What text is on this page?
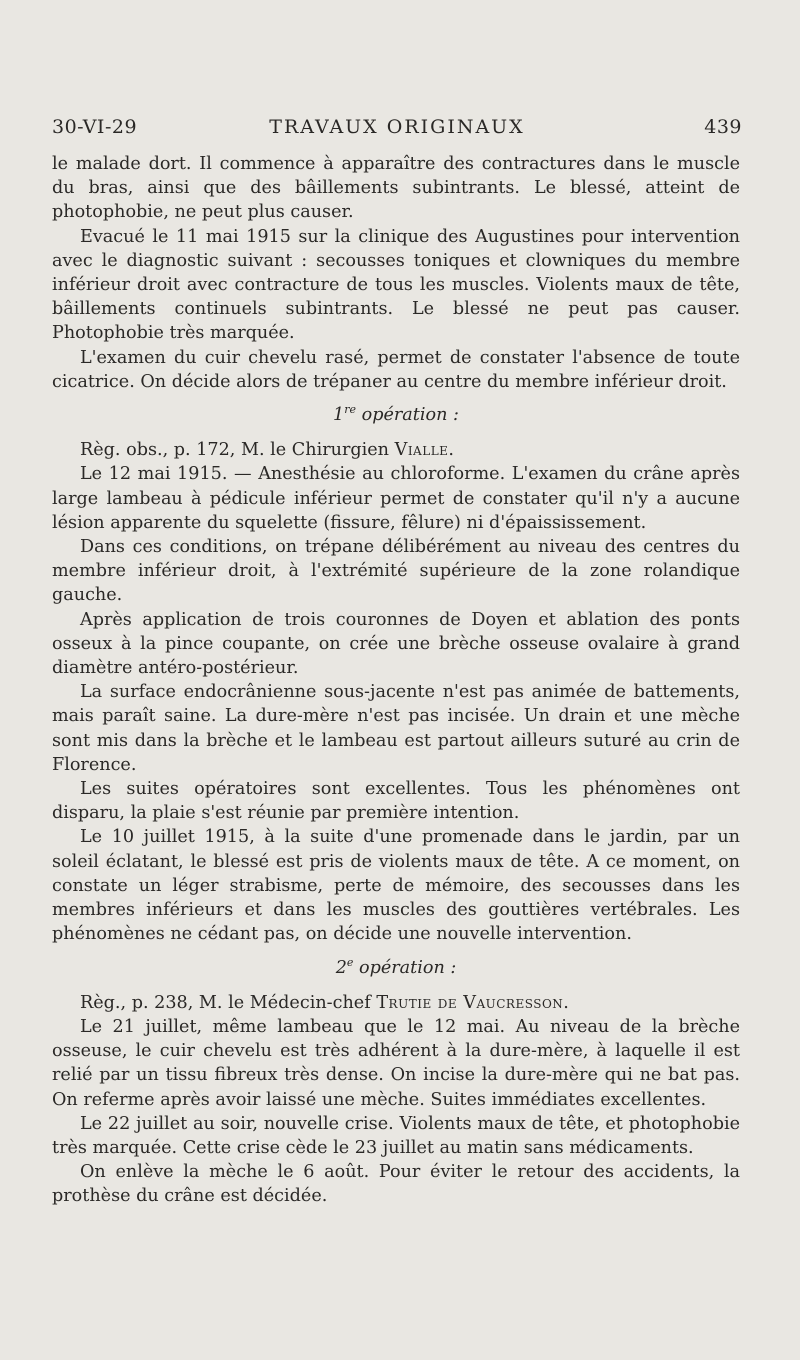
30-VI-29	TRAVAUX ORIGINAUX	439

le malade dort. Il commence à apparaître des contractures dans le muscle du bras, ainsi que des bâillements subintrants. Le blessé, atteint de photophobie, ne peut plus causer.

Evacué le 11 mai 1915 sur la clinique des Augustines pour intervention avec le diagnostic suivant : secousses toniques et clowniques du membre inférieur droit avec contracture de tous les muscles. Violents maux de tête, bâillements continuels subintrants. Le blessé ne peut pas causer. Photophobie très marquée.

L'examen du cuir chevelu rasé, permet de constater l'absence de toute cicatrice. On décide alors de trépaner au centre du membre inférieur droit.

1re opération :

Règ. obs., p. 172, M. le Chirurgien Vialle.

Le 12 mai 1915. — Anesthésie au chloroforme. L'examen du crâne après large lambeau à pédicule inférieur permet de constater qu'il n'y a aucune lésion apparente du squelette (fissure, fêlure) ni d'épaississement.

Dans ces conditions, on trépane délibérément au niveau des centres du membre inférieur droit, à l'extrémité supérieure de la zone rolandique gauche.

Après application de trois couronnes de Doyen et ablation des ponts osseux à la pince coupante, on crée une brèche osseuse ovalaire à grand diamètre antéro-postérieur.

La surface endocrânienne sous-jacente n'est pas animée de battements, mais paraît saine. La dure-mère n'est pas incisée. Un drain et une mèche sont mis dans la brèche et le lambeau est partout ailleurs suturé au crin de Florence.

Les suites opératoires sont excellentes. Tous les phénomènes ont disparu, la plaie s'est réunie par première intention.

Le 10 juillet 1915, à la suite d'une promenade dans le jardin, par un soleil éclatant, le blessé est pris de violents maux de tête. A ce moment, on constate un léger strabisme, perte de mémoire, des secousses dans les membres inférieurs et dans les muscles des gouttières vertébrales. Les phénomènes ne cédant pas, on décide une nouvelle intervention.

2e opération :

Règ., p. 238, M. le Médecin-chef Trutie de Vaucresson.

Le 21 juillet, même lambeau que le 12 mai. Au niveau de la brèche osseuse, le cuir chevelu est très adhérent à la dure-mère, à laquelle il est relié par un tissu fibreux très dense. On incise la dure-mère qui ne bat pas. On referme après avoir laissé une mèche. Suites immédiates excellentes.

Le 22 juillet au soir, nouvelle crise. Violents maux de tête, et photophobie très marquée. Cette crise cède le 23 juillet au matin sans médicaments.

On enlève la mèche le 6 août. Pour éviter le retour des accidents, la prothèse du crâne est décidée.
